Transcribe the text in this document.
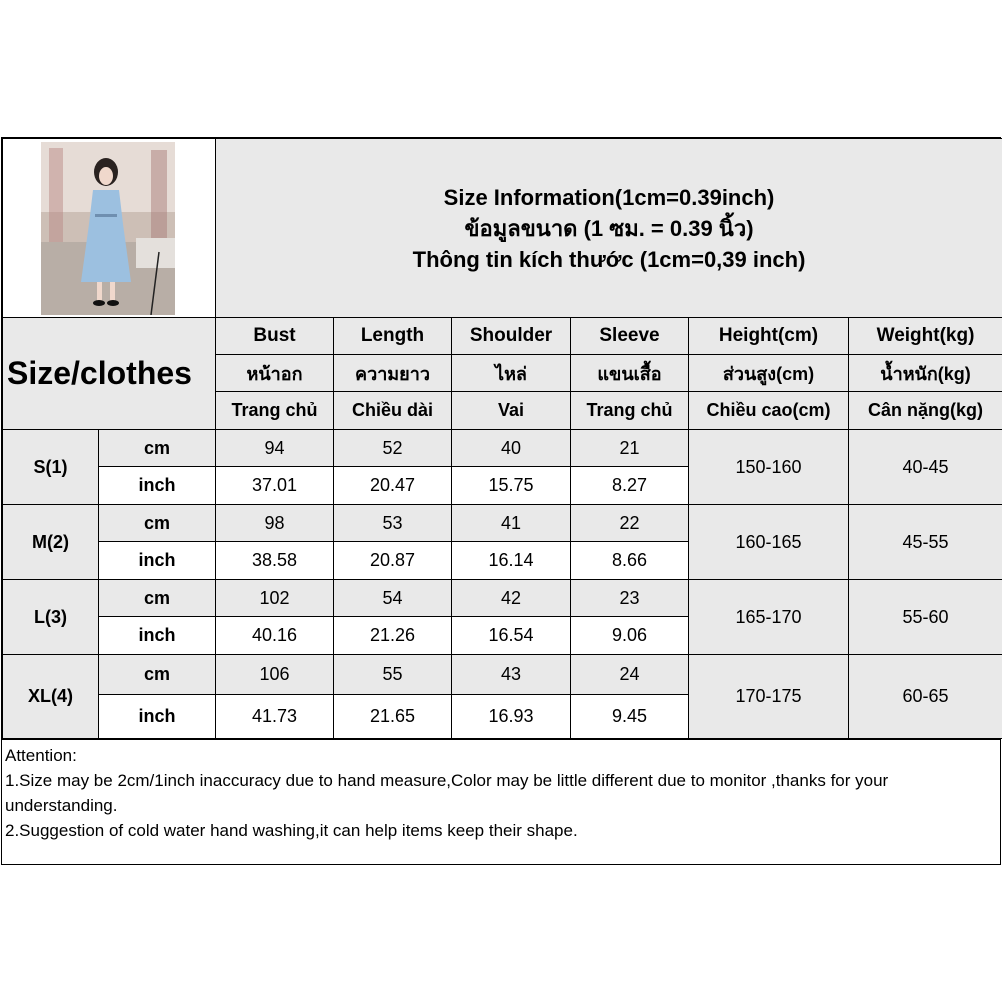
Size Information(1cm=0.39inch)
ข้อมูลขนาด (1 ซม. = 0.39 นิ้ว)
Thông tin kích thước (1cm=0,39 inch)					

Size/clothes		Bust	Length	Shoulder	Sleeve	Height(cm)	Weight(kg)
		หน้าอก	ความยาว	ไหล่	แขนเสื้อ	ส่วนสูง(cm)	น้ำหนัก(kg)
		Trang chủ	Chiều dài	Vai	Trang chủ	Chiều cao(cm)	Cân nặng(kg)
S(1)	cm	94	52	40	21	150-160	40-45
	inch	37.01	20.47	15.75	8.27		
M(2)	cm	98	53	41	22	160-165	45-55
	inch	38.58	20.87	16.14	8.66		
L(3)	cm	102	54	42	23	165-170	55-60
	inch	40.16	21.26	16.54	9.06		
XL(4)	cm	106	55	43	24	170-175	60-65
	inch	41.73	21.65	16.93	9.45		
Attention:
1.Size may be 2cm/1inch inaccuracy due to hand measure,Color may be little different due to monitor ,thanks for your understanding.
2.Suggestion of cold water hand washing,it can help items keep their shape.
